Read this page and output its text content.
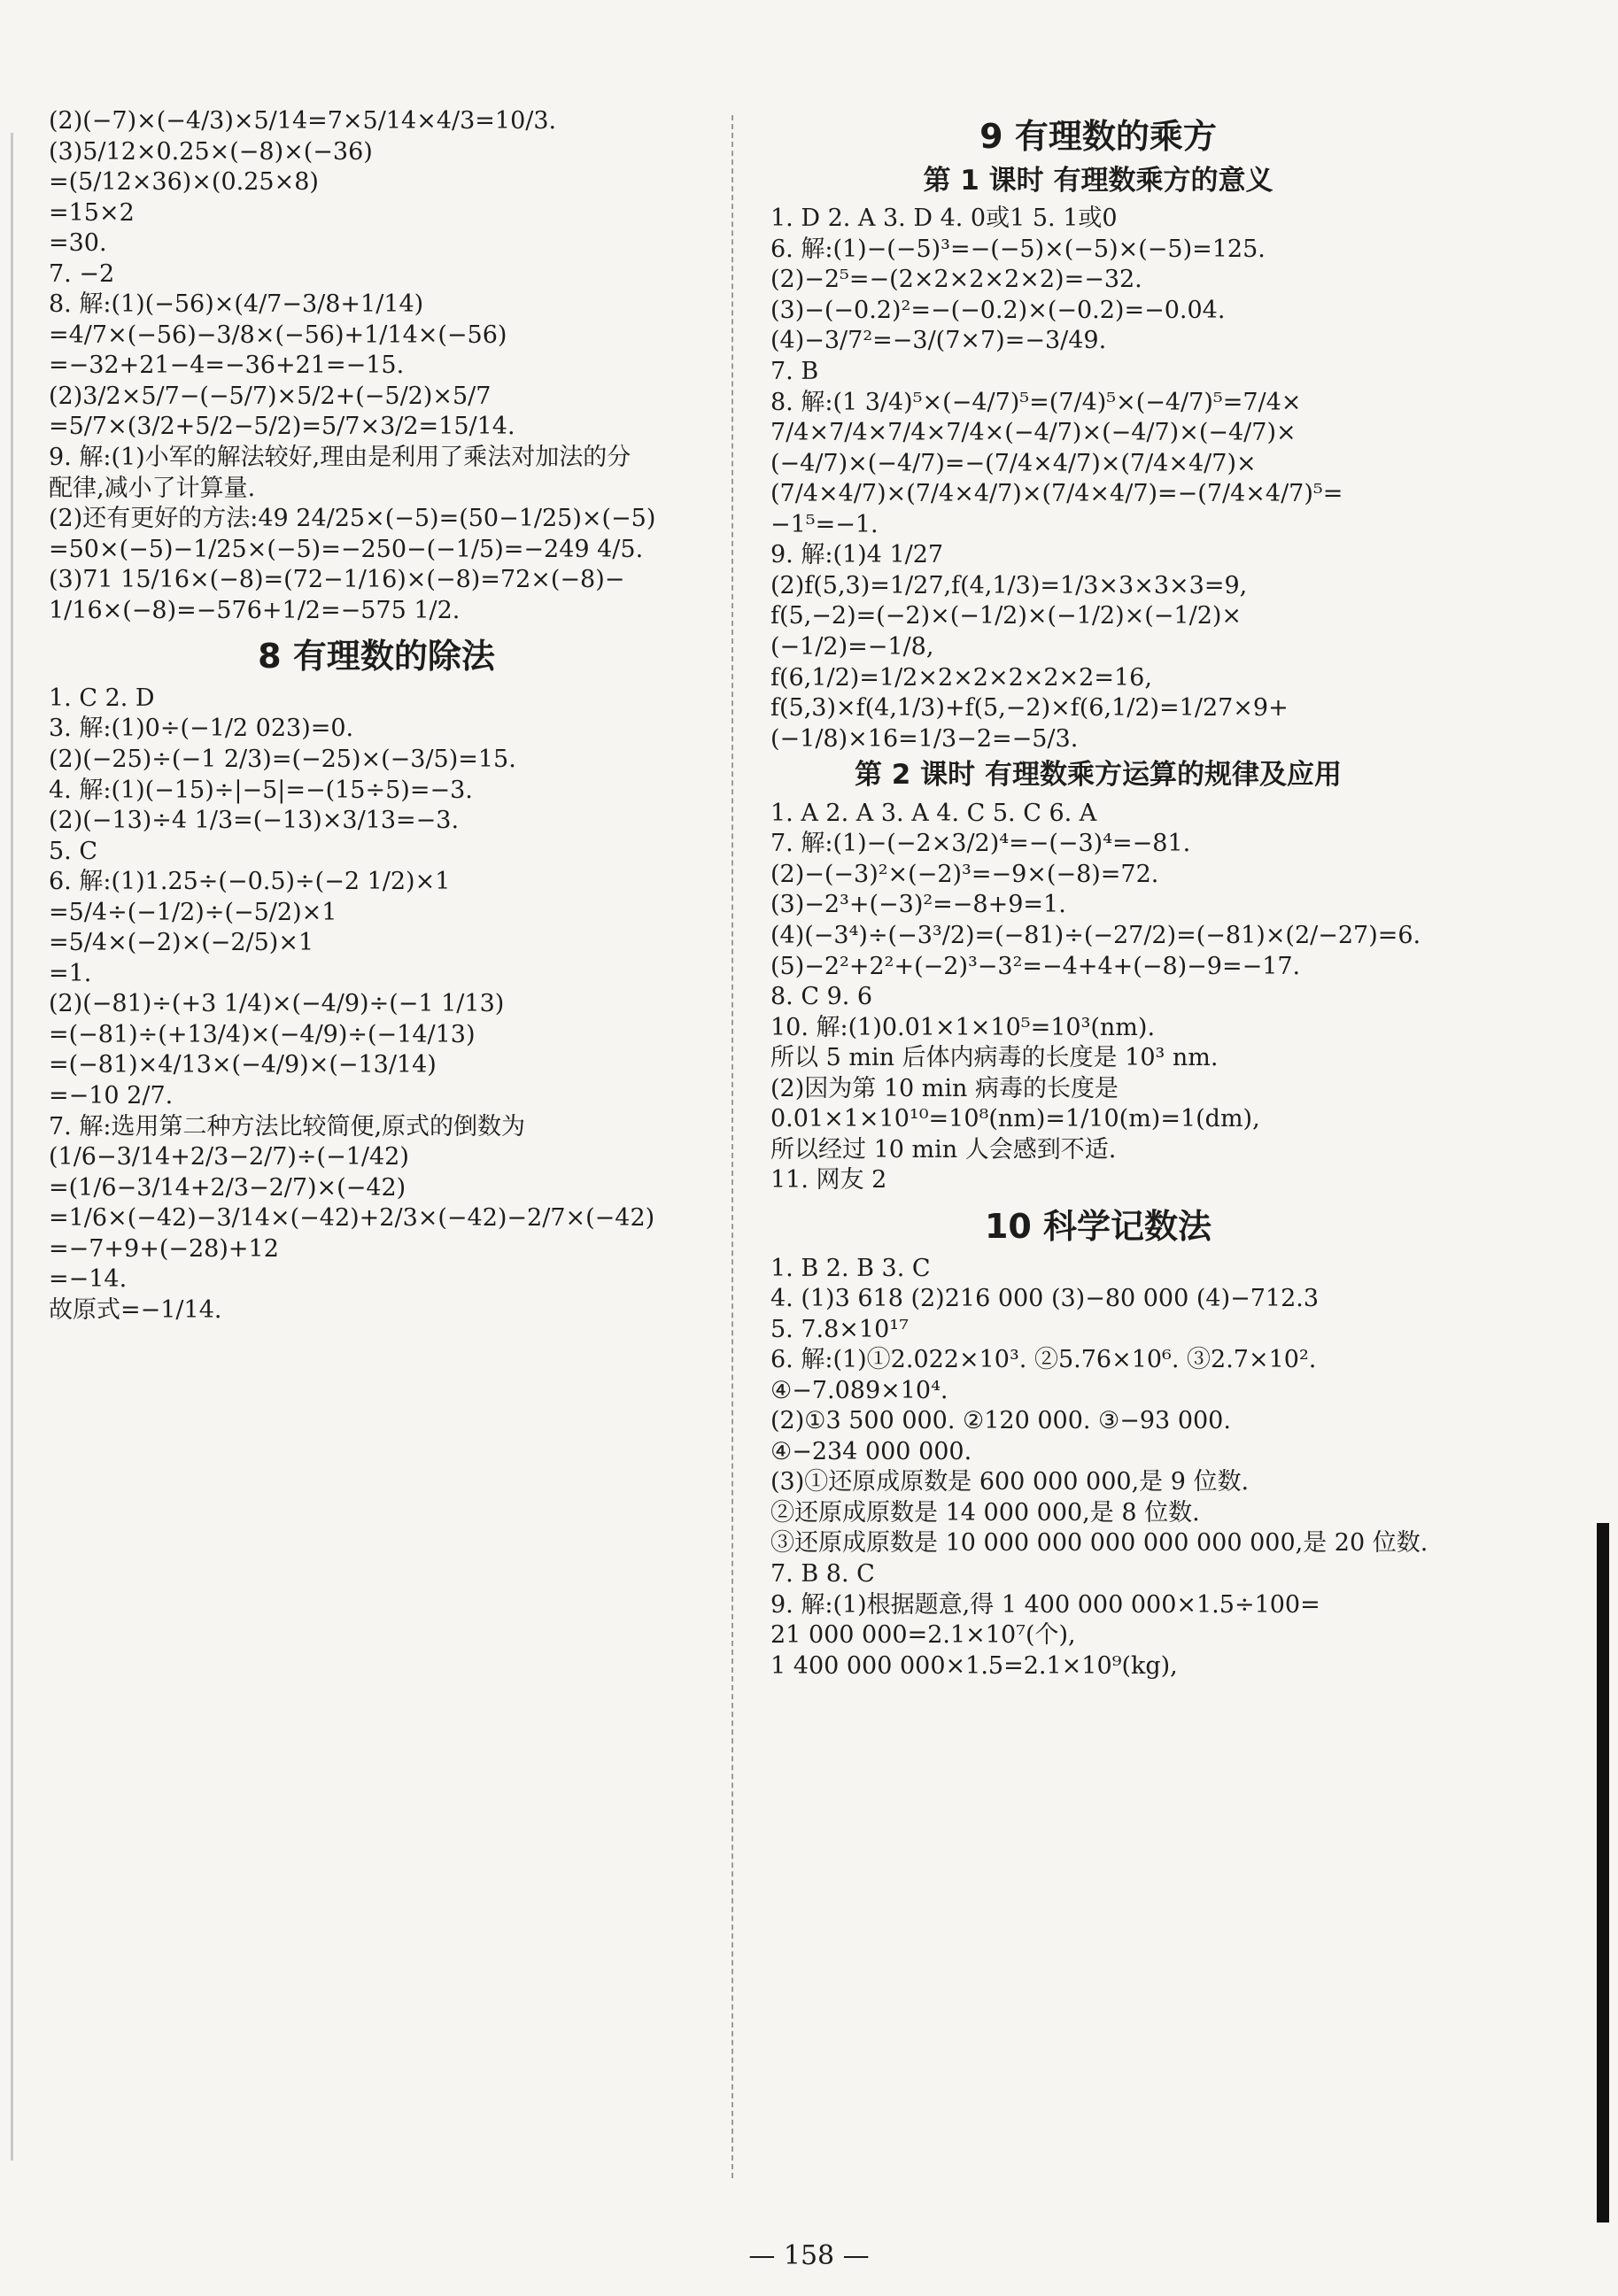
(2)(−7)×(−4/3)×5/14=7×5/14×4/3=10/3.
(3)5/12×0.25×(−8)×(−36)
=(5/12×36)×(0.25×8)
=15×2
=30.
7. −2
8. 解:(1)(−56)×(4/7−3/8+1/14)
=4/7×(−56)−3/8×(−56)+1/14×(−56)
=−32+21−4=−36+21=−15.
(2)3/2×5/7−(−5/7)×5/2+(−5/2)×5/7
=5/7×(3/2+5/2−5/2)=5/7×3/2=15/14.
9. 解:(1)小军的解法较好,理由是利用了乘法对加法的分
配律,减小了计算量.
(2)还有更好的方法:49 24/25×(−5)=(50−1/25)×(−5)
=50×(−5)−1/25×(−5)=−250−(−1/5)=−249 4/5.
(3)71 15/16×(−8)=(72−1/16)×(−8)=72×(−8)−
1/16×(−8)=−576+1/2=−575 1/2.
8 有理数的除法
1. C 2. D
3. 解:(1)0÷(−1/2 023)=0.
(2)(−25)÷(−1 2/3)=(−25)×(−3/5)=15.
4. 解:(1)(−15)÷|−5|=−(15÷5)=−3.
(2)(−13)÷4 1/3=(−13)×3/13=−3.
5. C
6. 解:(1)1.25÷(−0.5)÷(−2 1/2)×1
=5/4÷(−1/2)÷(−5/2)×1
=5/4×(−2)×(−2/5)×1
=1.
(2)(−81)÷(+3 1/4)×(−4/9)÷(−1 1/13)
=(−81)÷(+13/4)×(−4/9)÷(−14/13)
=(−81)×4/13×(−4/9)×(−13/14)
=−10 2/7.
7. 解:选用第二种方法比较简便,原式的倒数为
(1/6−3/14+2/3−2/7)÷(−1/42)
=(1/6−3/14+2/3−2/7)×(−42)
=1/6×(−42)−3/14×(−42)+2/3×(−42)−2/7×(−42)
=−7+9+(−28)+12
=−14.
故原式=−1/14.
9 有理数的乘方
第 1 课时 有理数乘方的意义
1. D 2. A 3. D 4. 0或1 5. 1或0
6. 解:(1)−(−5)³=−(−5)×(−5)×(−5)=125.
(2)−2⁵=−(2×2×2×2×2)=−32.
(3)−(−0.2)²=−(−0.2)×(−0.2)=−0.04.
(4)−3/7²=−3/(7×7)=−3/49.
7. B
8. 解:(1 3/4)⁵×(−4/7)⁵=(7/4)⁵×(−4/7)⁵=7/4×
7/4×7/4×7/4×7/4×(−4/7)×(−4/7)×(−4/7)×
(−4/7)×(−4/7)=−(7/4×4/7)×(7/4×4/7)×
(7/4×4/7)×(7/4×4/7)×(7/4×4/7)=−(7/4×4/7)⁵=
−1⁵=−1.
9. 解:(1)4 1/27
(2)f(5,3)=1/27,f(4,1/3)=1/3×3×3×3=9,
f(5,−2)=(−2)×(−1/2)×(−1/2)×(−1/2)×
(−1/2)=−1/8,
f(6,1/2)=1/2×2×2×2×2×2=16,
f(5,3)×f(4,1/3)+f(5,−2)×f(6,1/2)=1/27×9+
(−1/8)×16=1/3−2=−5/3.
第 2 课时 有理数乘方运算的规律及应用
1. A 2. A 3. A 4. C 5. C 6. A
7. 解:(1)−(−2×3/2)⁴=−(−3)⁴=−81.
(2)−(−3)²×(−2)³=−9×(−8)=72.
(3)−2³+(−3)²=−8+9=1.
(4)(−3⁴)÷(−3³/2)=(−81)÷(−27/2)=(−81)×(2/−27)=6.
(5)−2²+2²+(−2)³−3²=−4+4+(−8)−9=−17.
8. C 9. 6
10. 解:(1)0.01×1×10⁵=10³(nm).
所以 5 min 后体内病毒的长度是 10³ nm.
(2)因为第 10 min 病毒的长度是
0.01×1×10¹⁰=10⁸(nm)=1/10(m)=1(dm),
所以经过 10 min 人会感到不适.
11. 网友 2
10 科学记数法
1. B 2. B 3. C
4. (1)3 618 (2)216 000 (3)−80 000 (4)−712.3
5. 7.8×10¹⁷
6. 解:(1)①2.022×10³. ②5.76×10⁶. ③2.7×10².
④−7.089×10⁴.
(2)①3 500 000. ②120 000. ③−93 000.
④−234 000 000.
(3)①还原成原数是 600 000 000,是 9 位数.
②还原成原数是 14 000 000,是 8 位数.
③还原成原数是 10 000 000 000 000 000 000,是 20 位数.
7. B 8. C
9. 解:(1)根据题意,得 1 400 000 000×1.5÷100=
21 000 000=2.1×10⁷(个),
1 400 000 000×1.5=2.1×10⁹(kg),
— 158 —
